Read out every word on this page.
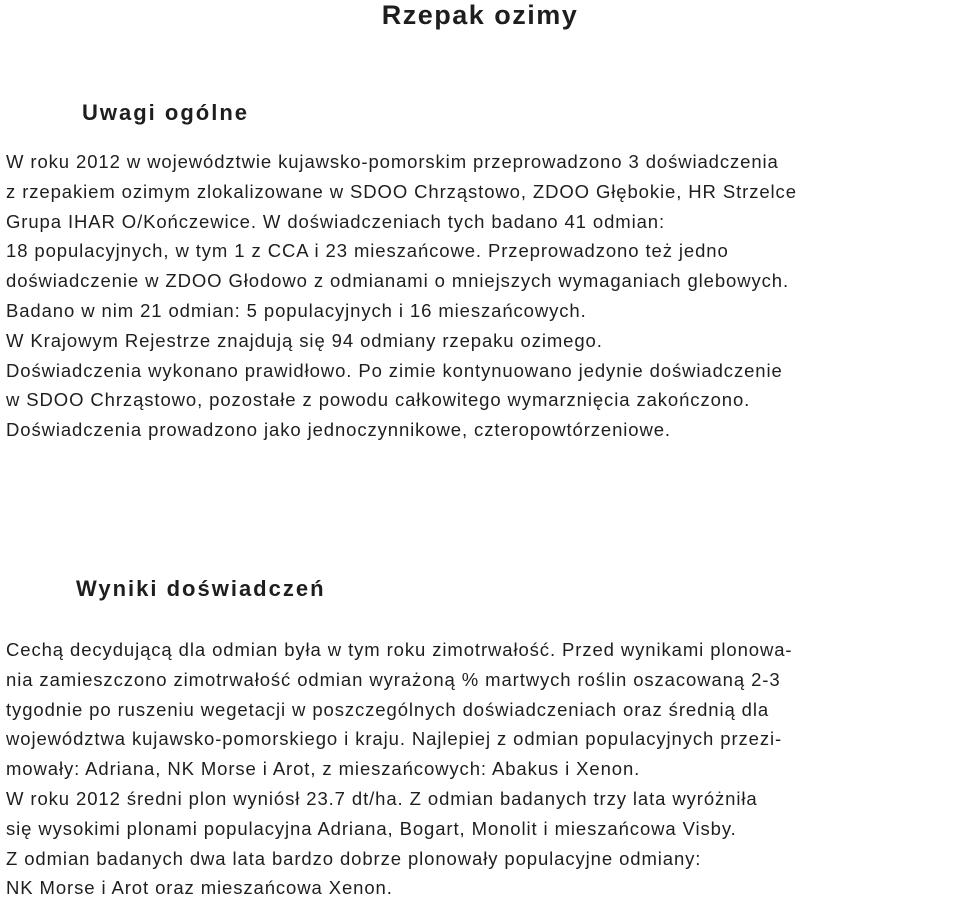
Rzepak ozimy
Uwagi ogólne

W roku 2012 w województwie kujawsko-pomorskim przeprowadzono 3 doświadczenia
z rzepakiem ozimym zlokalizowane w SDOO Chrząstowo, ZDOO Głębokie, HR Strzelce
Grupa IHAR O/Kończewice. W doświadczeniach tych badano 41 odmian:
18 populacyjnych, w tym 1 z CCA i 23 mieszańcowe. Przeprowadzono też jedno
doświadczenie w ZDOO Głodowo z odmianami o mniejszych wymaganiach glebowych.
Badano w nim 21 odmian: 5 populacyjnych i 16 mieszańcowych.
W Krajowym Rejestrze znajdują się 94 odmiany rzepaku ozimego.
Doświadczenia wykonano prawidłowo. Po zimie kontynuowano jedynie doświadczenie
w SDOO Chrząstowo, pozostałe z powodu całkowitego wymarznięcia zakończono.
Doświadczenia prowadzono jako jednoczynnikowe, czteropowtórzeniowe.

Wyniki doświadczeń

Cechą decydującą dla odmian była w tym roku zimotrwałość. Przed wynikami plonowa-
nia zamieszczono zimotrwałość odmian wyrażoną % martwych roślin oszacowaną 2-3
tygodnie po ruszeniu wegetacji w poszczególnych doświadczeniach oraz średnią dla
województwa kujawsko-pomorskiego i kraju. Najlepiej z odmian populacyjnych przezi-
mowały: Adriana, NK Morse i Arot, z mieszańcowych: Abakus i Xenon.
W roku 2012 średni plon wyniósł 23.7 dt/ha. Z odmian badanych trzy lata wyróżniła
się wysokimi plonami populacyjna Adriana, Bogart, Monolit i mieszańcowa Visby.
Z odmian badanych dwa lata bardzo dobrze plonowały populacyjne odmiany:
NK Morse i Arot oraz mieszańcowa Xenon.
